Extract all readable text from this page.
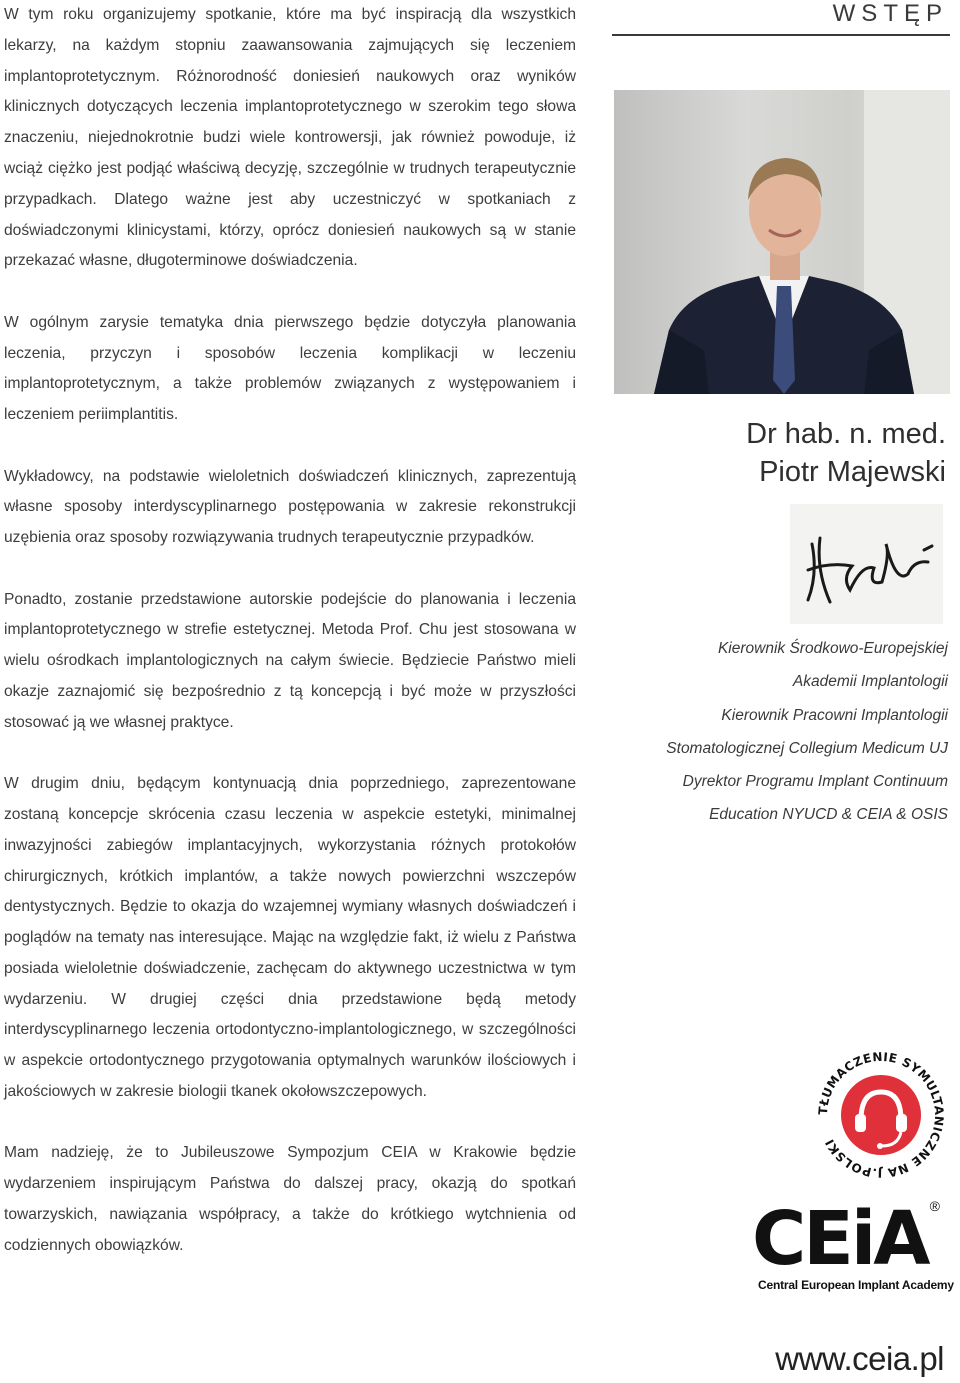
W tym roku organizujemy spotkanie, które ma być inspiracją dla wszystkich lekarzy, na każdym stopniu zaawansowania zajmujących się leczeniem implantoprotetycznym. Różnorodność doniesień naukowych oraz wyników klinicznych dotyczących leczenia implantoprotetycznego w szerokim tego słowa znaczeniu, niejednokrotnie budzi wiele kontrowersji, jak również powoduje, iż wciąż ciężko jest podjąć właściwą decyzję, szczególnie w trudnych terapeutycznie przypadkach. Dlatego ważne jest aby uczestniczyć w spotkaniach z doświadczonymi klinicystami, którzy, oprócz doniesień naukowych są w stanie przekazać własne, długoterminowe doświadczenia.

W ogólnym zarysie tematyka dnia pierwszego będzie dotyczyła planowania leczenia, przyczyn i sposobów leczenia komplikacji w leczeniu implantoprotetycznym, a także problemów związanych z występowaniem i leczeniem periimplantitis.

Wykładowcy, na podstawie wieloletnich doświadczeń klinicznych, zaprezentują własne sposoby interdyscyplinarnego postępowania w zakresie rekonstrukcji uzębienia oraz sposoby rozwiązywania trudnych terapeutycznie przypadków.

Ponadto, zostanie przedstawione autorskie podejście do planowania i leczenia implantoprotetycznego w strefie estetycznej. Metoda Prof. Chu jest stosowana w wielu ośrodkach implantologicznych na całym świecie. Będziecie Państwo mieli okazje zaznajomić się bezpośrednio z tą koncepcją i być może w przyszłości stosować ją we własnej praktyce.

W drugim dniu, będącym kontynuacją dnia poprzedniego, zaprezentowane zostaną koncepcje skrócenia czasu leczenia w aspekcie estetyki, minimalnej inwazyjności zabiegów implantacyjnych, wykorzystania różnych protokołów chirurgicznych, krótkich implantów, a także nowych powierzchni wszczepów dentystycznych. Będzie to okazja do wzajemnej wymiany własnych doświadczeń i poglądów na tematy nas interesujące. Mając na względzie fakt, iż wielu z Państwa posiada wieloletnie doświadczenie, zachęcam do aktywnego uczestnictwa w tym wydarzeniu. W drugiej części dnia przedstawione będą metody interdyscyplinarnego leczenia ortodontyczno-implantologicznego, w szczególności w aspekcie ortodontycznego przygotowania optymalnych warunków ilościowych i jakościowych w zakresie biologii tkanek okołowszczepowych.

Mam nadzieję, że to Jubileuszowe Sympozjum CEIA w Krakowie będzie wydarzeniem inspirującym Państwa do dalszej pracy, okazją do spotkań towarzyskich, nawiązania współpracy, a także do krótkiego wytchnienia od codziennych obowiązków.

WSTĘP
Dr hab. n. med.
Piotr Majewski
Kierownik Środkowo-Europejskiej
Akademii Implantologii
Kierownik Pracowni Implantologii
Stomatologicznej Collegium Medicum UJ
Dyrektor Programu Implant Continuum
Education NYUCD & CEIA & OSIS
TŁUMACZENIE SYMULTANICZNE NA J.POLSKI
CEiA ®
Central European Implant Academy
www.ceia.pl
